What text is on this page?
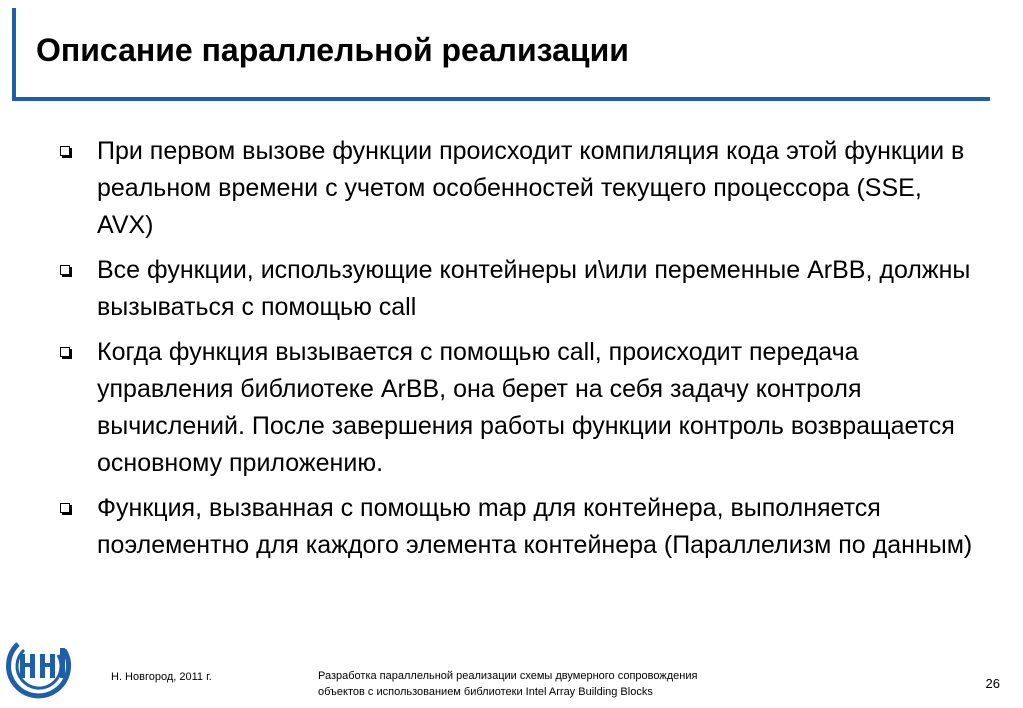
Описание параллельной реализации
При первом вызове функции происходит компиляция кода этой функции в реальном времени с учетом особенностей текущего процессора (SSE, AVX)
Все функции, использующие контейнеры и\или переменные ArBB, должны вызываться с помощью call
Когда функция вызывается с помощью call, происходит передача управления библиотеке ArBB, она берет на себя задачу контроля вычислений. После завершения работы функции контроль возвращается основному приложению.
Функция, вызванная с помощью map для контейнера, выполняется поэлементно для каждого элемента контейнера (Параллелизм по данным)
Н. Новгород, 2011 г.	Разработка параллельной реализации схемы двумерного сопровождения
объектов с использованием библиотеки Intel Array Building Blocks
26
